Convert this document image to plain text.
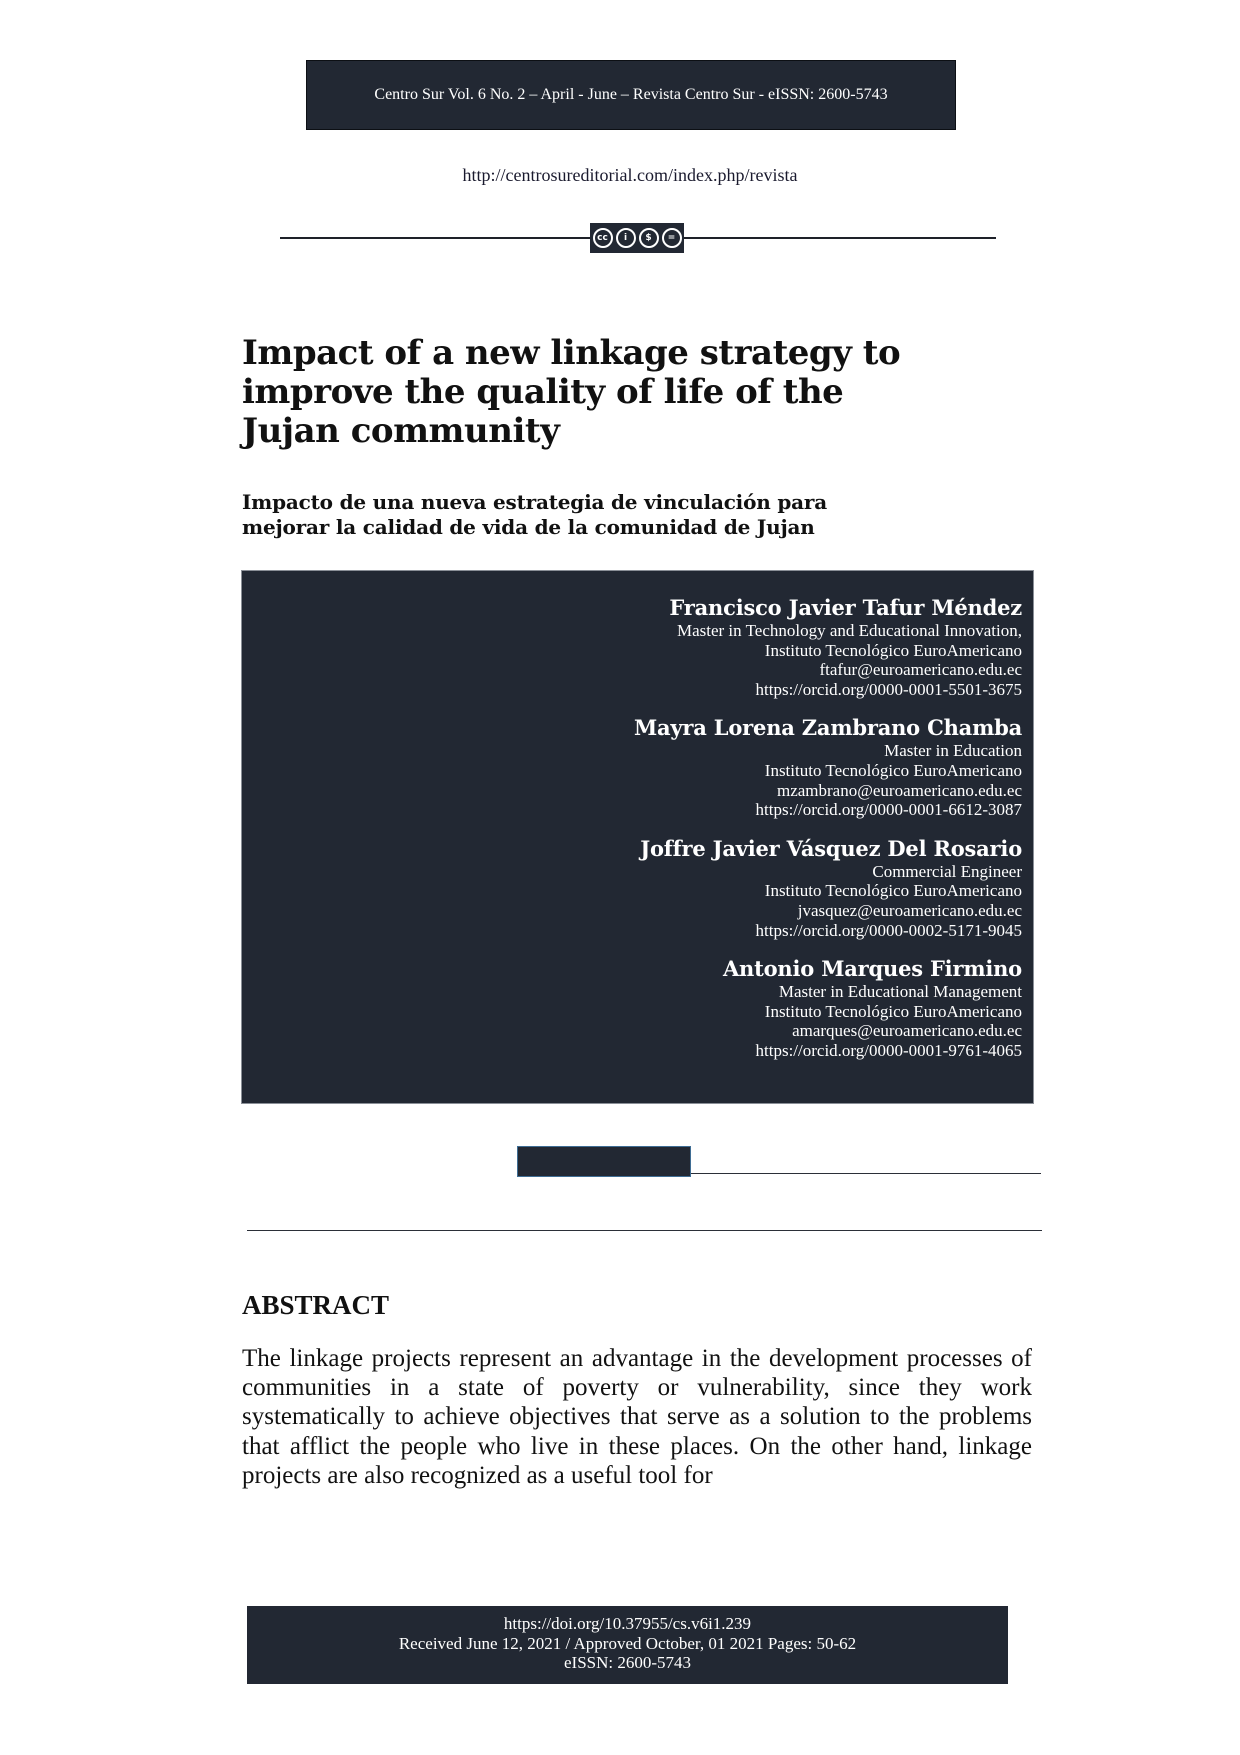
Centro Sur Vol. 6 No. 2 – April - June – Revista Centro Sur - eISSN: 2600-5743
http://centrosureditorial.com/index.php/revista
cc	i	$	=
Impact of a new linkage strategy to improve the quality of life of the Jujan community
Impacto de una nueva estrategia de vinculación para mejorar la calidad de vida de la comunidad de Jujan
Francisco Javier Tafur Méndez
Master in Technology and Educational Innovation,
Instituto Tecnológico EuroAmericano
ftafur@euroamericano.edu.ec
https://orcid.org/0000-0001-5501-3675
Mayra Lorena Zambrano Chamba
Master in Education
Instituto Tecnológico EuroAmericano
mzambrano@euroamericano.edu.ec
https://orcid.org/0000-0001-6612-3087
Joffre Javier Vásquez Del Rosario
Commercial Engineer
Instituto Tecnológico EuroAmericano
jvasquez@euroamericano.edu.ec
https://orcid.org/0000-0002-5171-9045
Antonio Marques Firmino
Master in Educational Management
Instituto Tecnológico EuroAmericano
amarques@euroamericano.edu.ec
https://orcid.org/0000-0001-9761-4065
ABSTRACT

The linkage projects represent an advantage in the development processes of communities in a state of poverty or vulnerability, since they work systematically to achieve objectives that serve as a solution to the problems that afflict the people who live in these places. On the other hand, linkage projects are also recognized as a useful tool for

https://doi.org/10.37955/cs.v6i1.239
Received June 12, 2021 / Approved October, 01 2021 Pages: 50-62
eISSN: 2600-5743
